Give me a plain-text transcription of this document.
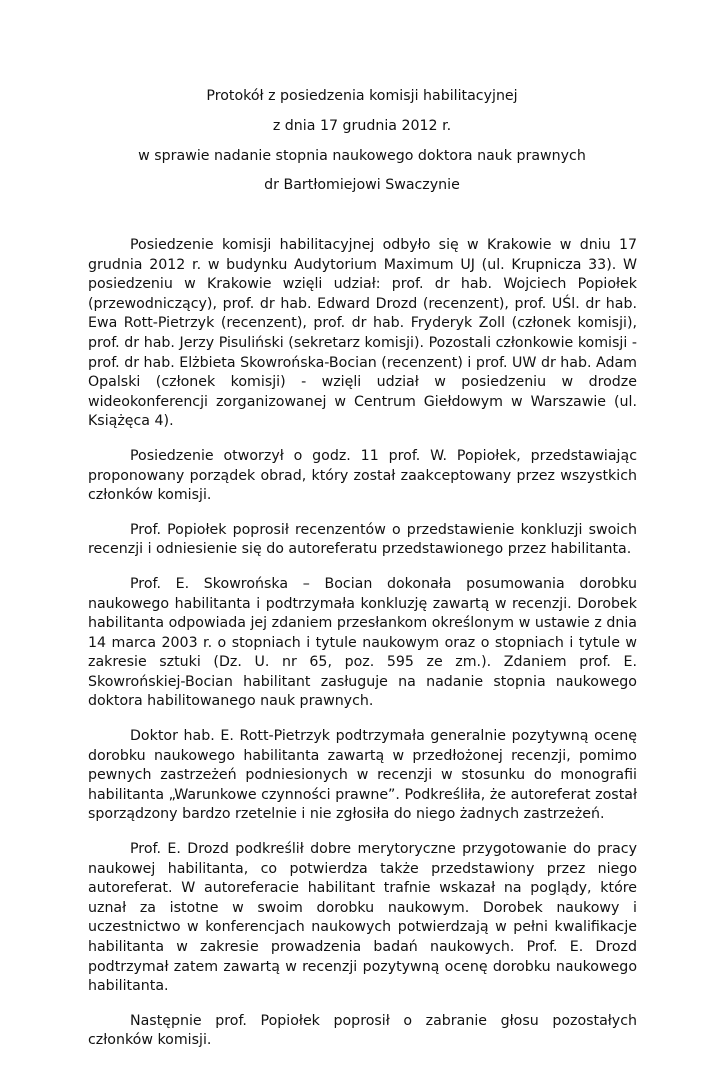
Protokół z posiedzenia komisji habilitacyjnej
z dnia 17 grudnia 2012 r.
w sprawie nadanie stopnia naukowego doktora nauk prawnych
dr Bartłomiejowi Swaczynie

Posiedzenie komisji habilitacyjnej odbyło się w Krakowie w dniu 17 grudnia 2012 r. w budynku Audytorium Maximum UJ (ul. Krupnicza 33). W posiedzeniu w Krakowie wzięli udział: prof. dr hab. Wojciech Popiołek (przewodniczący), prof. dr hab. Edward Drozd (recenzent), prof. UŚl. dr hab. Ewa Rott-Pietrzyk (recenzent), prof. dr hab. Fryderyk Zoll (członek komisji), prof. dr hab. Jerzy Pisuliński (sekretarz komisji). Pozostali członkowie komisji - prof. dr hab. Elżbieta Skowrońska-Bocian (recenzent) i prof. UW dr hab. Adam Opalski (członek komisji) - wzięli udział w posiedzeniu w drodze wideokonferencji zorganizowanej w Centrum Giełdowym w Warszawie (ul. Książęca 4).

Posiedzenie otworzył o godz. 11 prof. W. Popiołek, przedstawiając proponowany porządek obrad, który został zaakceptowany przez wszystkich członków komisji.

Prof. Popiołek poprosił recenzentów o przedstawienie konkluzji swoich recenzji i odniesienie się do autoreferatu przedstawionego przez habilitanta.

Prof. E. Skowrońska – Bocian dokonała posumowania dorobku naukowego habilitanta i podtrzymała konkluzję zawartą w recenzji. Dorobek habilitanta odpowiada jej zdaniem przesłankom określonym w ustawie z dnia 14 marca 2003 r. o stopniach i tytule naukowym oraz o stopniach i tytule w zakresie sztuki (Dz. U. nr 65, poz. 595 ze zm.). Zdaniem prof. E. Skowrońskiej-Bocian habilitant zasługuje na nadanie stopnia naukowego doktora habilitowanego nauk prawnych.

Doktor hab. E. Rott-Pietrzyk podtrzymała generalnie pozytywną ocenę dorobku naukowego habilitanta zawartą w przedłożonej recenzji, pomimo pewnych zastrzeżeń podniesionych w recenzji w stosunku do monografii habilitanta „Warunkowe czynności prawne”. Podkreśliła, że autoreferat został sporządzony bardzo rzetelnie i nie zgłosiła do niego żadnych zastrzeżeń.

Prof. E. Drozd podkreślił dobre merytoryczne przygotowanie do pracy naukowej habilitanta, co potwierdza także przedstawiony przez niego autoreferat. W autoreferacie habilitant trafnie wskazał na poglądy, które uznał za istotne w swoim dorobku naukowym. Dorobek naukowy i uczestnictwo w konferencjach naukowych potwierdzają w pełni kwalifikacje habilitanta w zakresie prowadzenia badań naukowych. Prof. E. Drozd podtrzymał zatem zawartą w recenzji pozytywną ocenę dorobku naukowego habilitanta.

Następnie prof. Popiołek poprosił o zabranie głosu pozostałych członków komisji.
